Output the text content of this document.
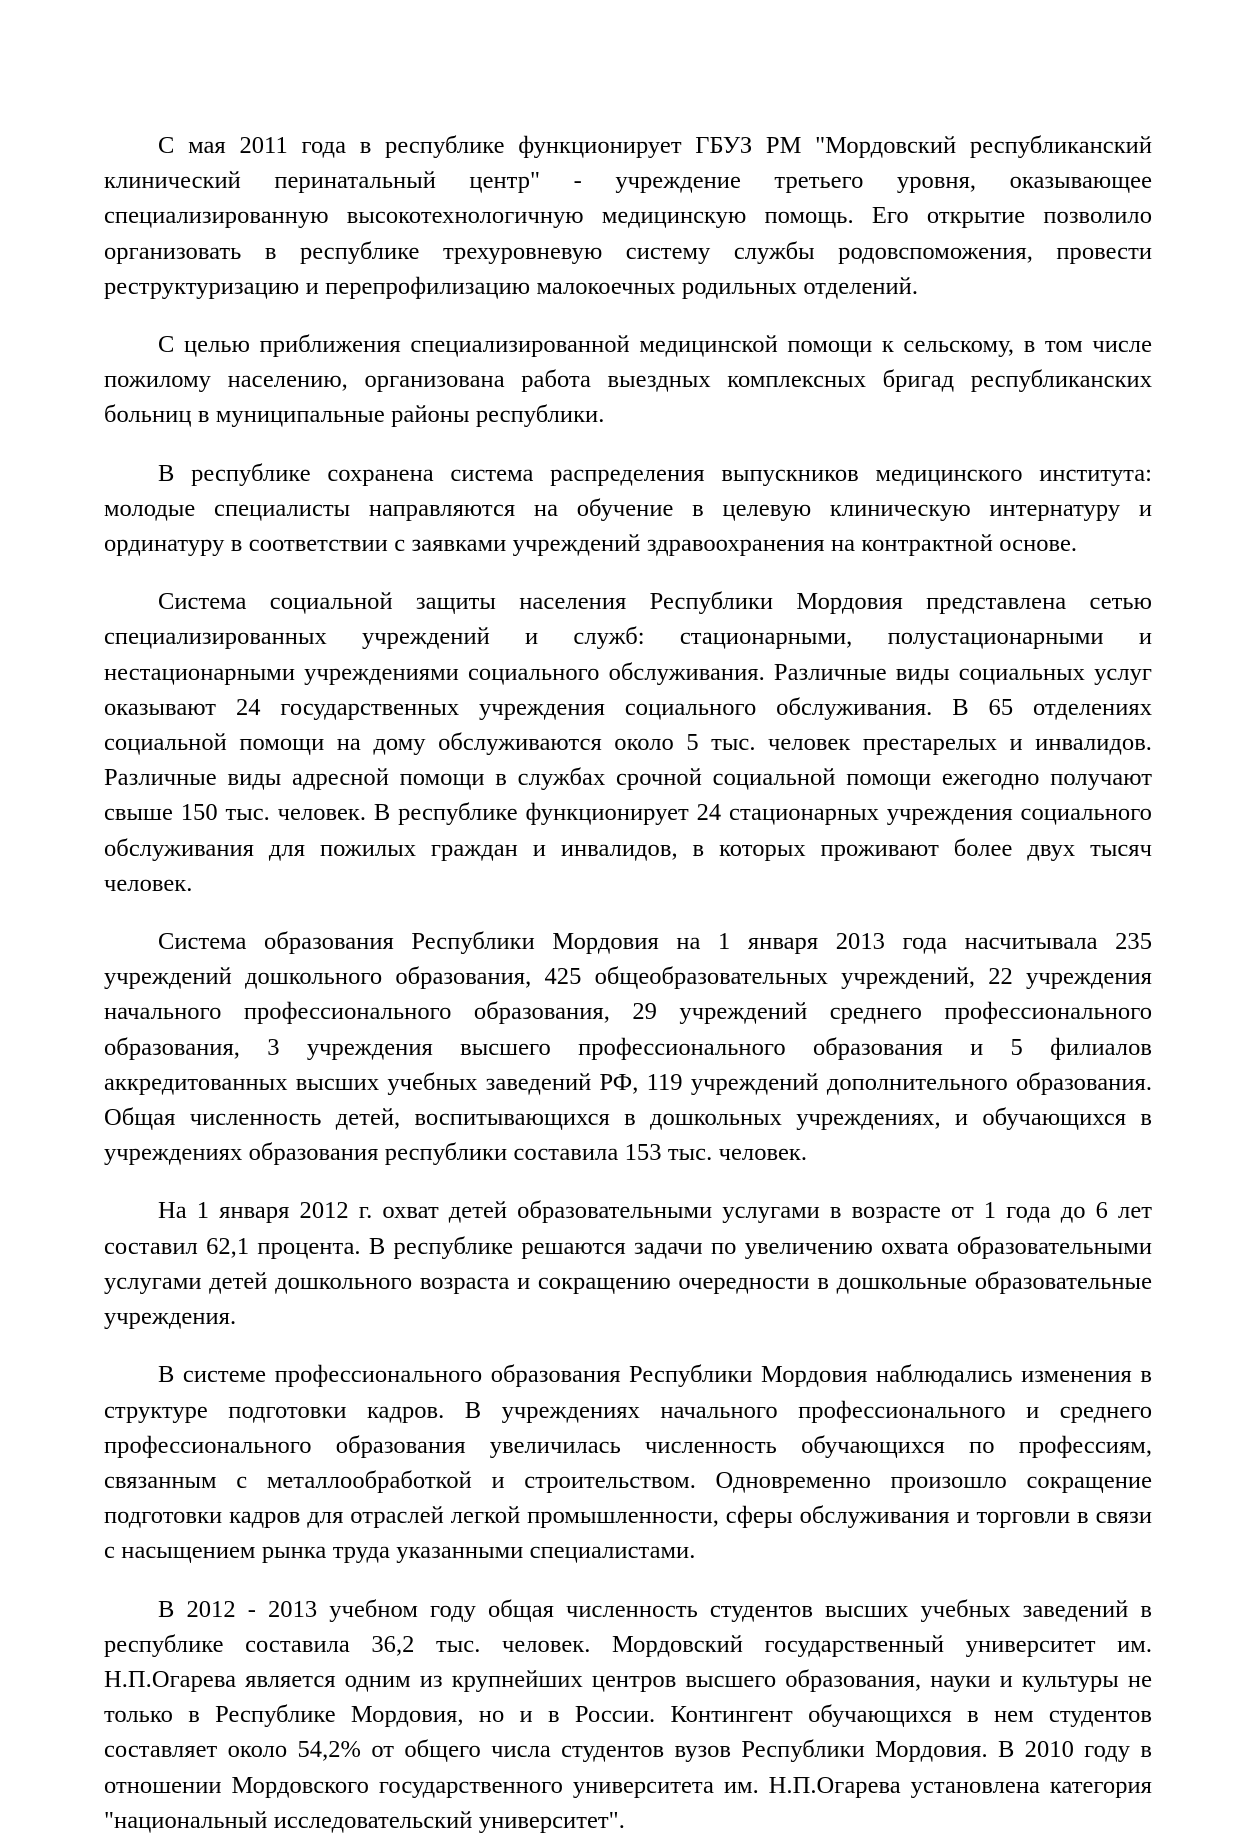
С мая 2011 года в республике функционирует ГБУЗ РМ "Мордовский республиканский клинический перинатальный центр" - учреждение третьего уровня, оказывающее специализированную высокотехнологичную медицинскую помощь. Его открытие позволило организовать в республике трехуровневую систему службы родовспоможения, провести реструктуризацию и перепрофилизацию малокоечных родильных отделений.

С целью приближения специализированной медицинской помощи к сельскому, в том числе пожилому населению, организована работа выездных комплексных бригад республиканских больниц в муниципальные районы республики.

В республике сохранена система распределения выпускников медицинского института: молодые специалисты направляются на обучение в целевую клиническую интернатуру и ординатуру в соответствии с заявками учреждений здравоохранения на контрактной основе.

Система социальной защиты населения Республики Мордовия представлена сетью специализированных учреждений и служб: стационарными, полустационарными и нестационарными учреждениями социального обслуживания. Различные виды социальных услуг оказывают 24 государственных учреждения социального обслуживания. В 65 отделениях социальной помощи на дому обслуживаются около 5 тыс. человек престарелых и инвалидов. Различные виды адресной помощи в службах срочной социальной помощи ежегодно получают свыше 150 тыс. человек. В республике функционирует 24 стационарных учреждения социального обслуживания для пожилых граждан и инвалидов, в которых проживают более двух тысяч человек.

Система образования Республики Мордовия на 1 января 2013 года насчитывала 235 учреждений дошкольного образования, 425 общеобразовательных учреждений, 22 учреждения начального профессионального образования, 29 учреждений среднего профессионального образования, 3 учреждения высшего профессионального образования и 5 филиалов аккредитованных высших учебных заведений РФ, 119 учреждений дополнительного образования. Общая численность детей, воспитывающихся в дошкольных учреждениях, и обучающихся в учреждениях образования республики составила 153 тыс. человек.

На 1 января 2012 г. охват детей образовательными услугами в возрасте от 1 года до 6 лет составил 62,1 процента. В республике решаются задачи по увеличению охвата образовательными услугами детей дошкольного возраста и сокращению очередности в дошкольные образовательные учреждения.

В системе профессионального образования Республики Мордовия наблюдались изменения в структуре подготовки кадров. В учреждениях начального профессионального и среднего профессионального образования увеличилась численность обучающихся по профессиям, связанным с металлообработкой и строительством. Одновременно произошло сокращение подготовки кадров для отраслей легкой промышленности, сферы обслуживания и торговли в связи с насыщением рынка труда указанными специалистами.

В 2012 - 2013 учебном году общая численность студентов высших учебных заведений в республике составила 36,2 тыс. человек. Мордовский государственный университет им. Н.П.Огарева является одним из крупнейших центров высшего образования, науки и культуры не только в Республике Мордовия, но и в России. Контингент обучающихся в нем студентов составляет около 54,2% от общего числа студентов вузов Республики Мордовия. В 2010 году в отношении Мордовского государственного университета им. Н.П.Огарева установлена категория "национальный исследовательский университет".
